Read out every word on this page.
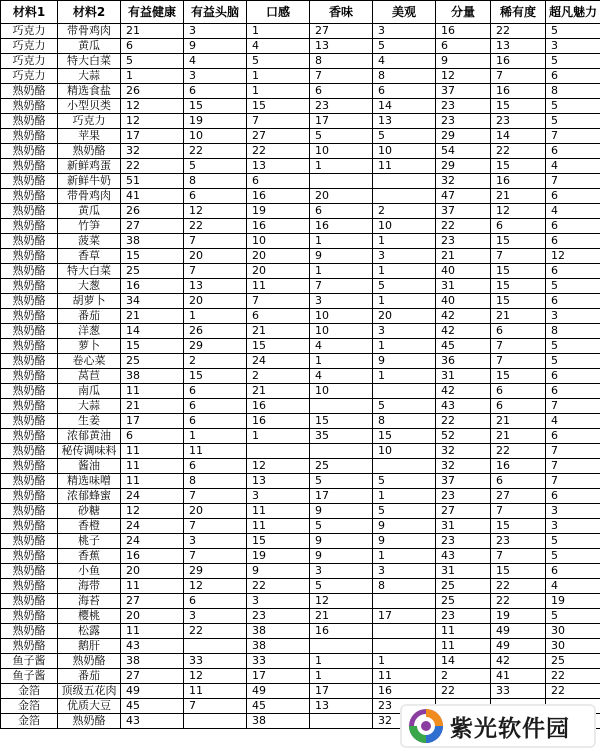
材料1	材料2	有益健康	有益头脑	口感	香味	美观	分量	稀有度	超凡魅力
巧克力	带骨鸡肉	21	3	1	27	3	16	22	5
巧克力	黄瓜	6	9	4	13	5	6	13	3
巧克力	特大白菜	5	4	5	8	4	9	16	5
巧克力	大蒜	1	3	1	7	8	12	7	6
熟奶酪	精选食盐	26	6	1	6	6	37	16	8
熟奶酪	小型贝类	12	15	15	23	14	23	15	5
熟奶酪	巧克力	12	19	7	17	13	23	23	5
熟奶酪	苹果	17	10	27	5	5	29	14	7
熟奶酪	熟奶酪	32	22	22	10	10	54	22	6
熟奶酪	新鲜鸡蛋	22	5	13	1	11	29	15	4
熟奶酪	新鲜牛奶	51	8	6			32	16	7
熟奶酪	带骨鸡肉	41	6	16	20		47	21	6
熟奶酪	黄瓜	26	12	19	6	2	37	12	4
熟奶酪	竹笋	27	22	16	16	10	22	6	6
熟奶酪	菠菜	38	7	10	1	1	23	15	6
熟奶酪	香草	15	20	20	9	3	21	7	12
熟奶酪	特大白菜	25	7	20	1	1	40	15	6
熟奶酪	大葱	16	13	11	7	5	31	15	5
熟奶酪	胡萝卜	34	20	7	3	1	40	15	6
熟奶酪	番茄	21	1	6	10	20	42	21	3
熟奶酪	洋葱	14	26	21	10	3	42	6	8
熟奶酪	萝卜	15	29	15	4	1	45	7	5
熟奶酪	卷心菜	25	2	24	1	9	36	7	5
熟奶酪	莴苣	38	15	2	4	1	31	15	6
熟奶酪	南瓜	11	6	21	10		42	6	6
熟奶酪	大蒜	21	6	16		5	43	6	7
熟奶酪	生姜	17	6	16	15	8	22	21	4
熟奶酪	浓郁黄油	6	1	1	35	15	52	21	6
熟奶酪	秘传调味料	11	11			10	32	22	7
熟奶酪	酱油	11	6	12	25		32	16	7
熟奶酪	精选味噌	11	8	13	5	5	37	6	7
熟奶酪	浓郁蜂蜜	24	7	3	17	1	23	27	6
熟奶酪	砂糖	12	20	11	9	5	27	7	3
熟奶酪	香橙	24	7	11	5	9	31	15	3
熟奶酪	桃子	24	3	15	9	9	23	23	5
熟奶酪	香蕉	16	7	19	9	1	43	7	5
熟奶酪	小鱼	20	29	9	3	3	31	15	6
熟奶酪	海带	11	12	22	5	8	25	22	4
熟奶酪	海苔	27	6	3	12		25	22	19
熟奶酪	樱桃	20	3	23	21	17	23	19	5
熟奶酪	松露	11	22	38	16		11	49	30
熟奶酪	鹅肝	43		38			11	49	30
鱼子酱	熟奶酪	38	33	33	1	1	14	42	25
鱼子酱	番茄	27	12	17	1	11	2	41	22
金箔	顶级五花肉	49	11	49	17	16	22	33	22
金箔	优质大豆	45	7	45	13	23			
金箔	熟奶酪	43		38		32				紫光软件园
